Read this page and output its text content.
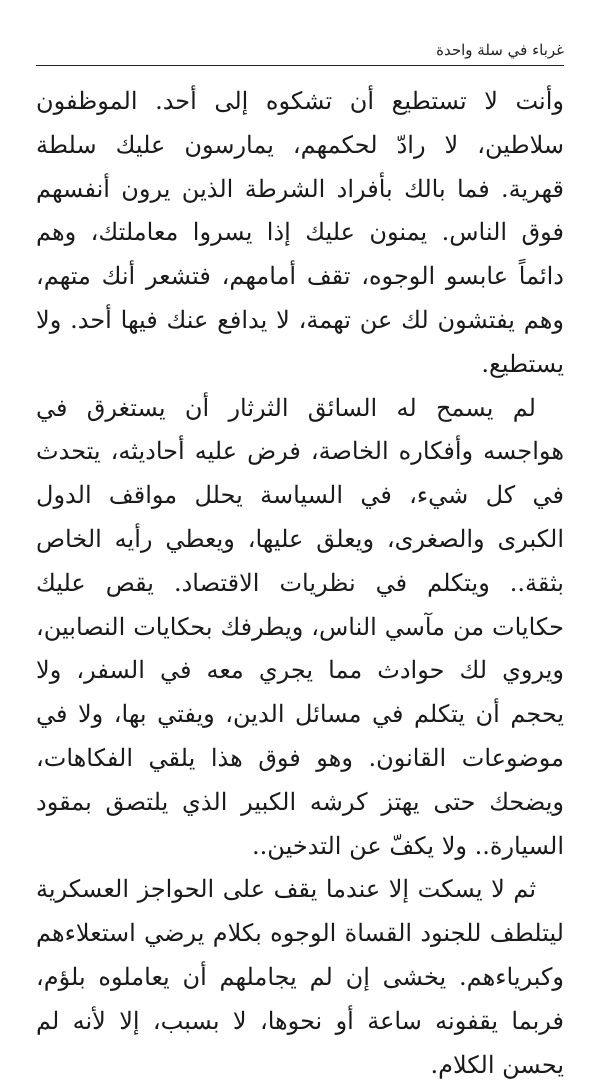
غرباء في سلة واحدة

وأنت لا تستطيع أن تشكوه إلى أحد. الموظفون سلاطين، لا رادّ لحكمهم، يمارسون عليك سلطة قهرية. فما بالك بأفراد الشرطة الذين يرون أنفسهم فوق الناس. يمنون عليك إذا يسروا معاملتك، وهم دائماً عابسو الوجوه، تقف أمامهم، فتشعر أنك متهم، وهم يفتشون لك عن تهمة، لا يدافع عنك فيها أحد. ولا يستطيع.

لم يسمح له السائق الثرثار أن يستغرق في هواجسه وأفكاره الخاصة، فرض عليه أحاديثه، يتحدث في كل شيء، في السياسة يحلل مواقف الدول الكبرى والصغرى، ويعلق عليها، ويعطي رأيه الخاص بثقة.. ويتكلم في نظريات الاقتصاد. يقص عليك حكايات من مآسي الناس، ويطرفك بحكايات النصابين، ويروي لك حوادث مما يجري معه في السفر، ولا يحجم أن يتكلم في مسائل الدين، ويفتي بها، ولا في موضوعات القانون. وهو فوق هذا يلقي الفكاهات، ويضحك حتى يهتز كرشه الكبير الذي يلتصق بمقود السيارة.. ولا يكفّ عن التدخين..

ثم لا يسكت إلا عندما يقف على الحواجز العسكرية ليتلطف للجنود القساة الوجوه بكلام يرضي استعلاءهم وكبرياءهم. يخشى إن لم يجاملهم أن يعاملوه بلؤم، فربما يقفونه ساعة أو نحوها، لا بسبب، إلا لأنه لم يحسن الكلام.
